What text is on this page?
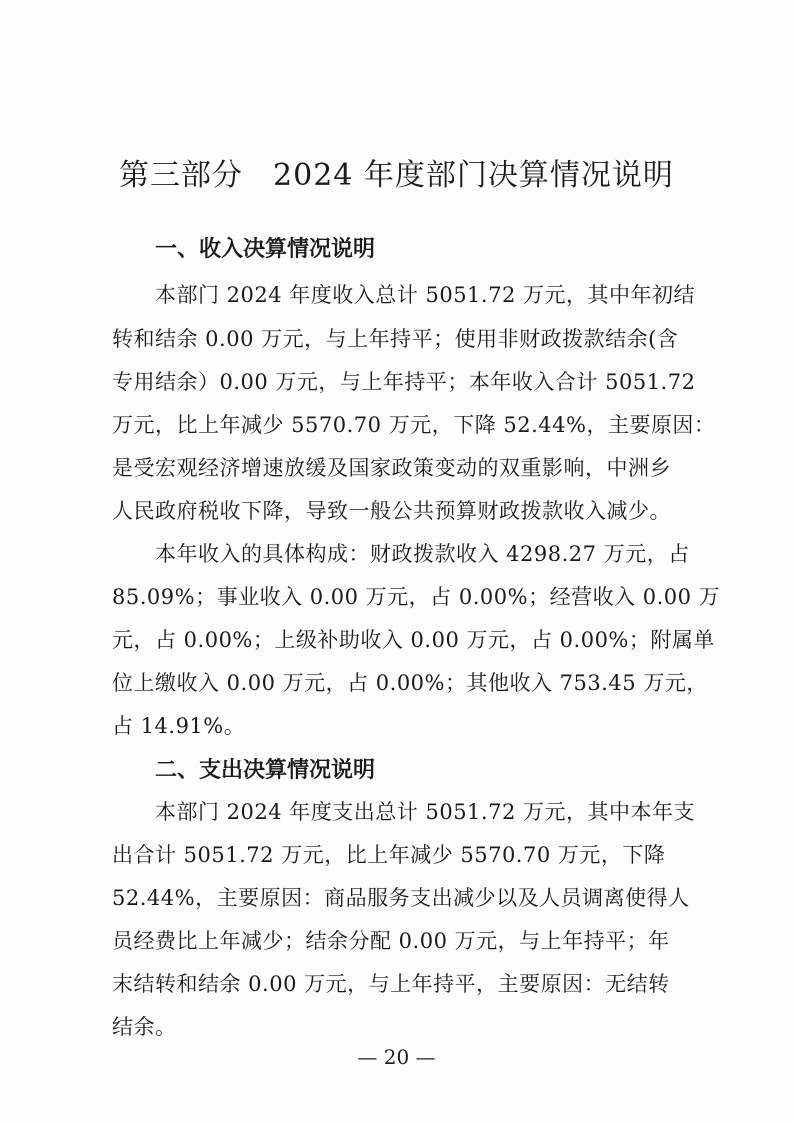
第三部分 2024 年度部门决算情况说明
一、收入决算情况说明
本部门 2024 年度收入总计 5051.72 万元，其中年初结
转和结余 0.00 万元，与上年持平；使用非财政拨款结余(含
专用结余）0.00 万元，与上年持平；本年收入合计 5051.72
万元，比上年减少 5570.70 万元，下降 52.44%，主要原因：
是受宏观经济增速放缓及国家政策变动的双重影响，中洲乡
人民政府税收下降，导致一般公共预算财政拨款收入减少。
本年收入的具体构成：财政拨款收入 4298.27 万元，占
85.09%；事业收入 0.00 万元，占 0.00%；经营收入 0.00 万
元，占 0.00%；上级补助收入 0.00 万元，占 0.00%；附属单
位上缴收入 0.00 万元，占 0.00%；其他收入 753.45 万元，
占 14.91%。
二、支出决算情况说明
本部门 2024 年度支出总计 5051.72 万元，其中本年支
出合计 5051.72 万元，比上年减少 5570.70 万元，下降
52.44%，主要原因：商品服务支出减少以及人员调离使得人
员经费比上年减少；结余分配 0.00 万元，与上年持平；年
末结转和结余 0.00 万元，与上年持平，主要原因：无结转
结余。
— 20 —
